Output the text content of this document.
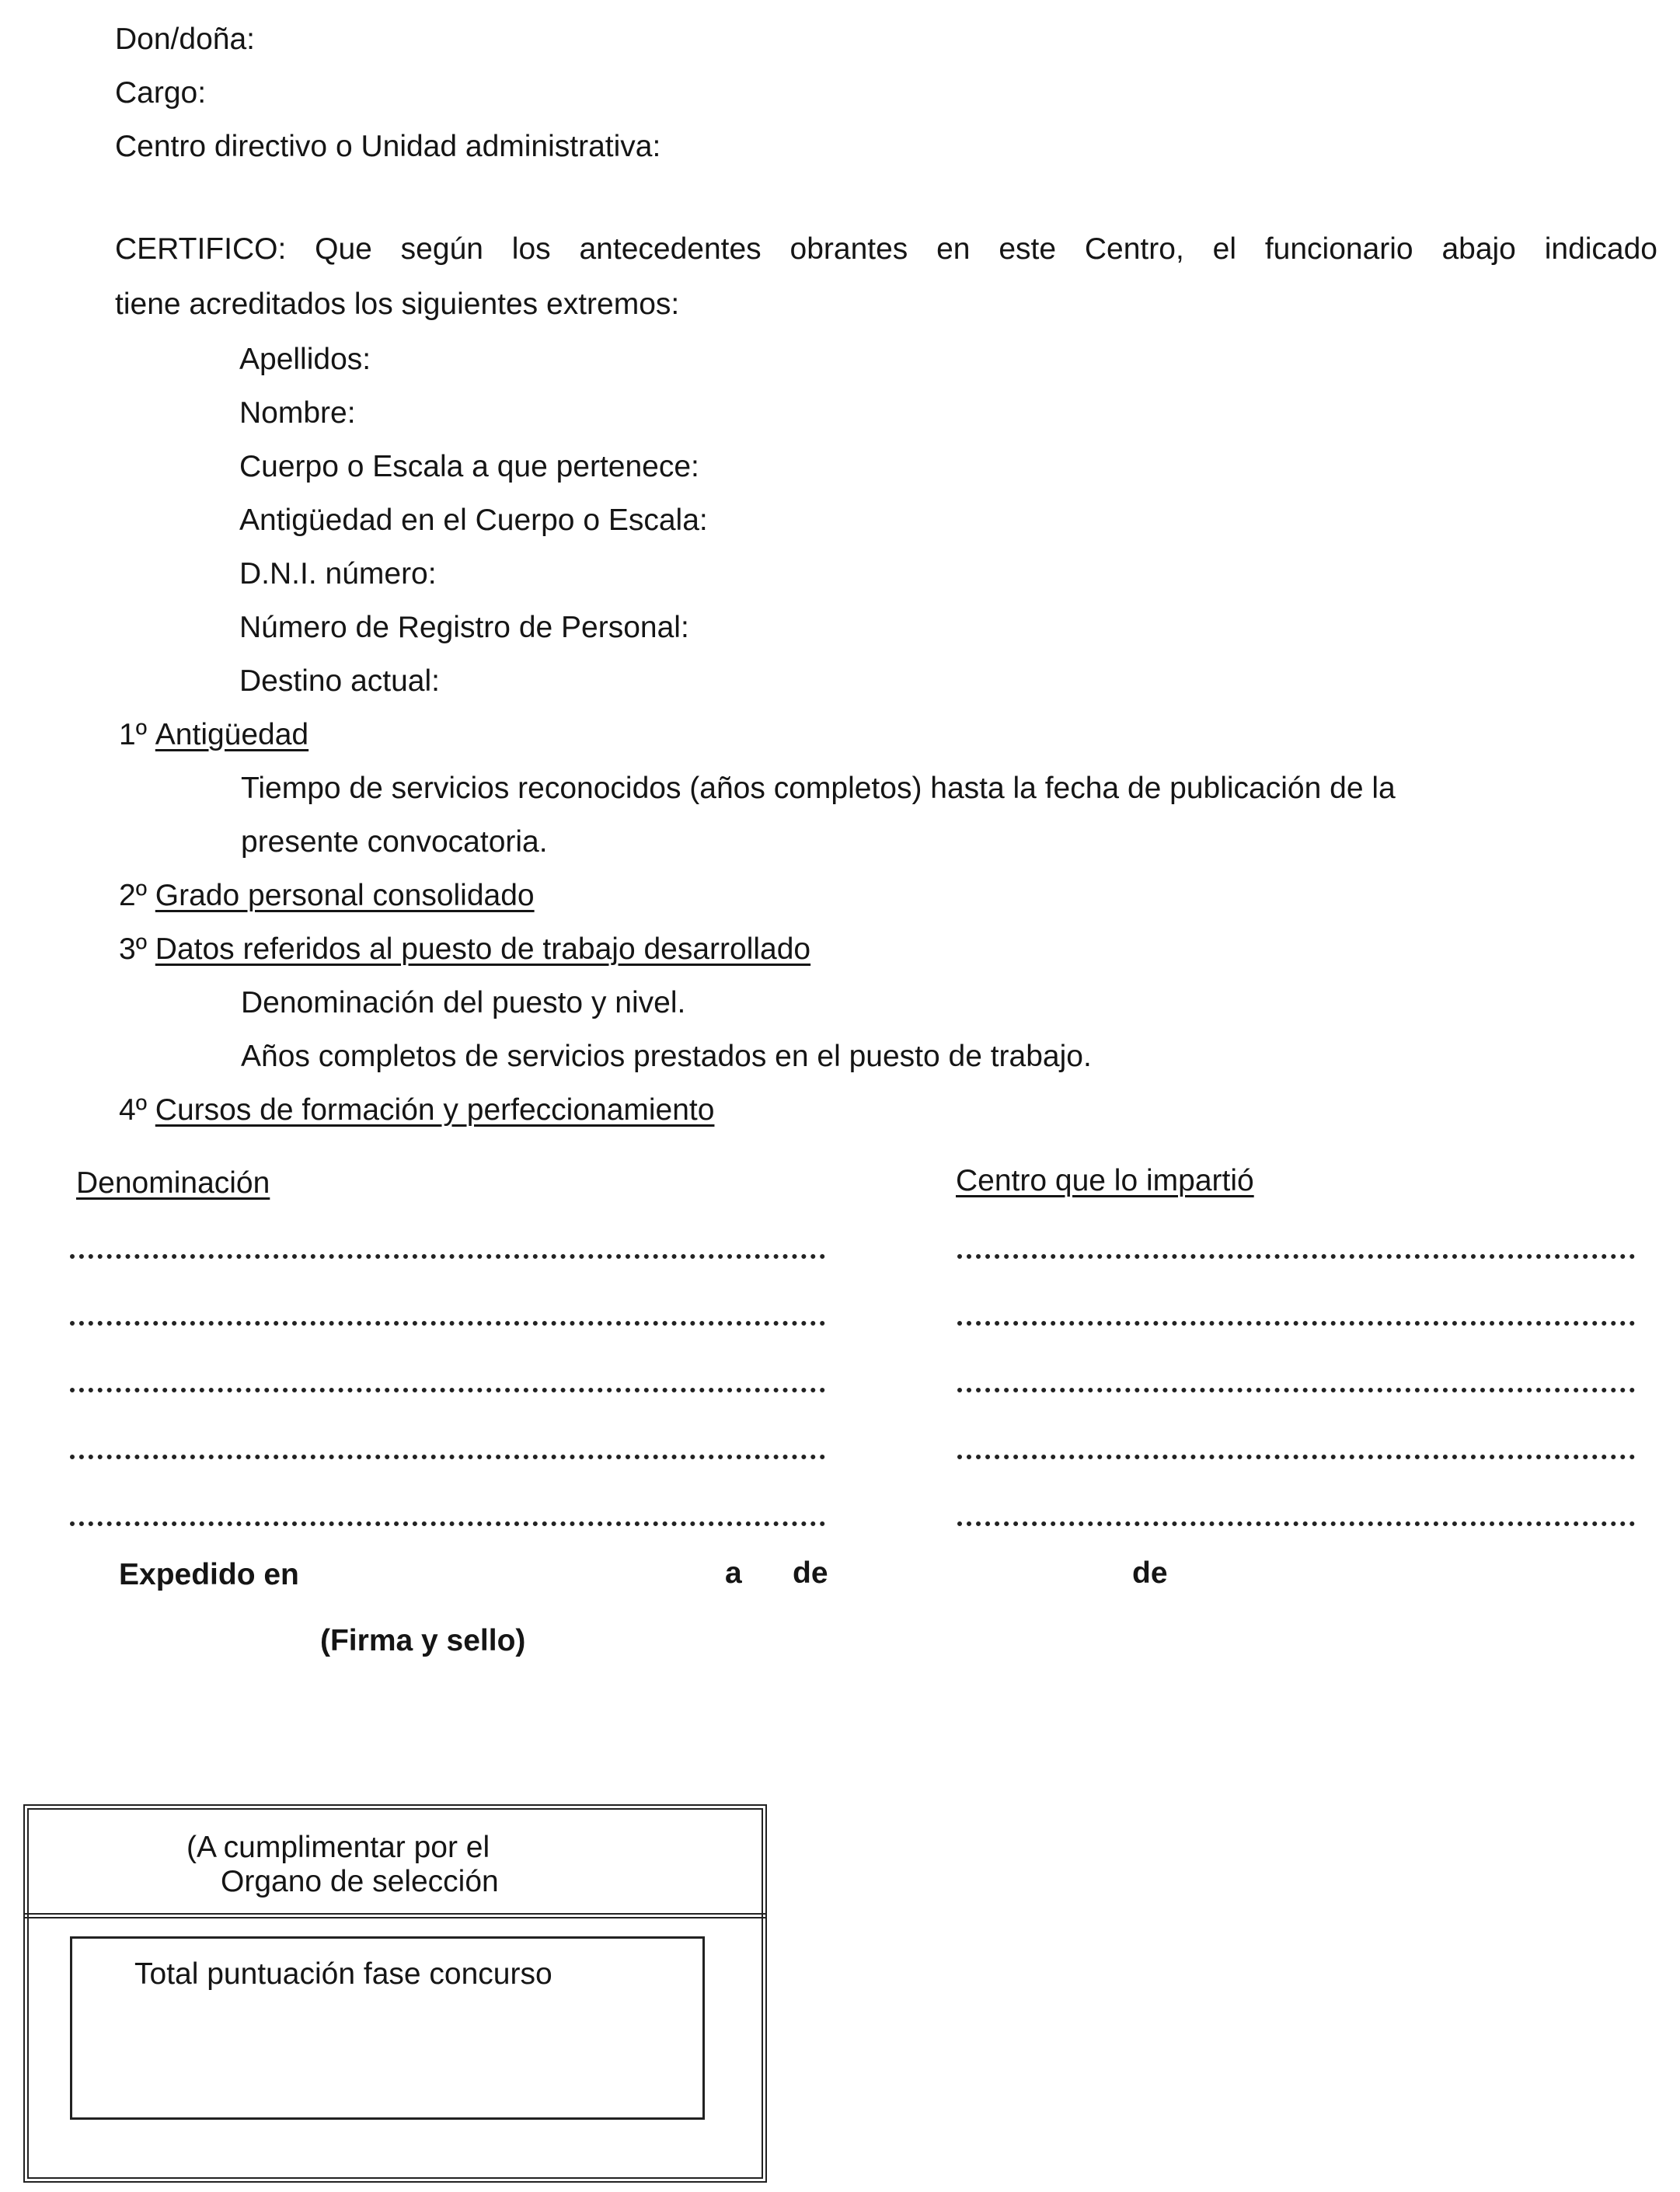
Don/doña:
Cargo:
Centro directivo o Unidad administrativa:
CERTIFICO: Que según los antecedentes obrantes en este Centro, el funcionario abajo indicado
tiene acreditados los siguientes extremos:
Apellidos:
Nombre:
Cuerpo o Escala a que pertenece:
Antigüedad en el Cuerpo o Escala:
D.N.I. número:
Número de Registro de Personal:
Destino actual:
1º Antigüedad
Tiempo de servicios reconocidos (años completos) hasta la fecha de publicación de la
presente convocatoria.
2º Grado personal consolidado
3º Datos referidos al puesto de trabajo desarrollado
Denominación del puesto y nivel.
Años completos de servicios prestados en el puesto de trabajo.
4º Cursos de formación y perfeccionamiento
Denominación	Centro que lo impartió
Expedido en	a de	de
(Firma y sello)
(A cumplimentar por el
Organo de selección
Total puntuación fase concurso
